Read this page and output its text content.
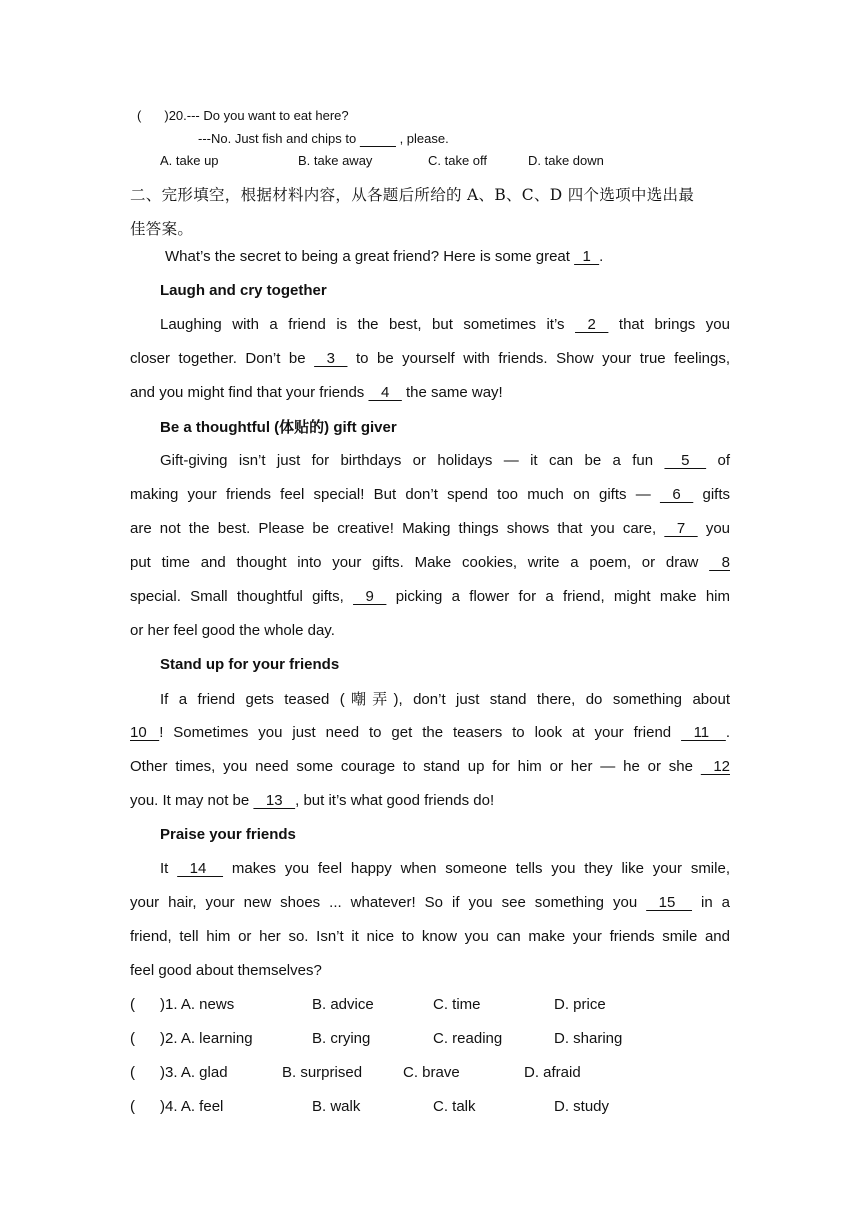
( )20.--- Do you want to eat here?
---No. Just fish and chips to	, please.
A. take up	B. take away	C. take off	D. take down
二、完形填空，根据材料内容，从各题后所给的 A、B、C、D 四个选项中选出最
佳答案。
What’s the secret to being a great friend? Here is some great   1  .
Laugh and cry together
Laughing with a friend is the best, but sometimes it’s    2    that brings you
closer together. Don’t be    3    to be yourself with friends. Show your true feelings,
and you might find that your friends    4    the same way!
Be a thoughtful (体贴的) gift giver
Gift-giving isn’t just for birthdays or holidays — it can be a fun     5     of
making your friends feel special! But don’t spend too much on gifts —    6    gifts
are not the best. Please be creative! Making things shows that you care,    7    you
put time and thought into your gifts. Make cookies, write a poem, or draw    8
special. Small thoughtful gifts,    9    picking a flower for a friend, might make him
or her feel good the whole day.
Stand up for your friends
If a friend gets teased (嘲弄), don’t just stand there, do something about
10   ! Sometimes you just need to get the teasers to look at your friend    11    .
Other times, you need some courage to stand up for him or her — he or she    12
you. It may not be    13   , but it’s what good friends do!
Praise your friends
It    14     makes you feel happy when someone tells you they like your smile,
your hair, your new shoes ... whatever! So if you see something you    15     in a
friend, tell him or her so. Isn’t it nice to know you can make your friends smile and
feel good about themselves?
( )1. A. news	B. advice	C. time	D. price
( )2. A. learning	B. crying	C. reading	D. sharing
( )3. A. glad	B. surprised	C. brave	D. afraid
( )4. A. feel	B. walk	C. talk	D. study
